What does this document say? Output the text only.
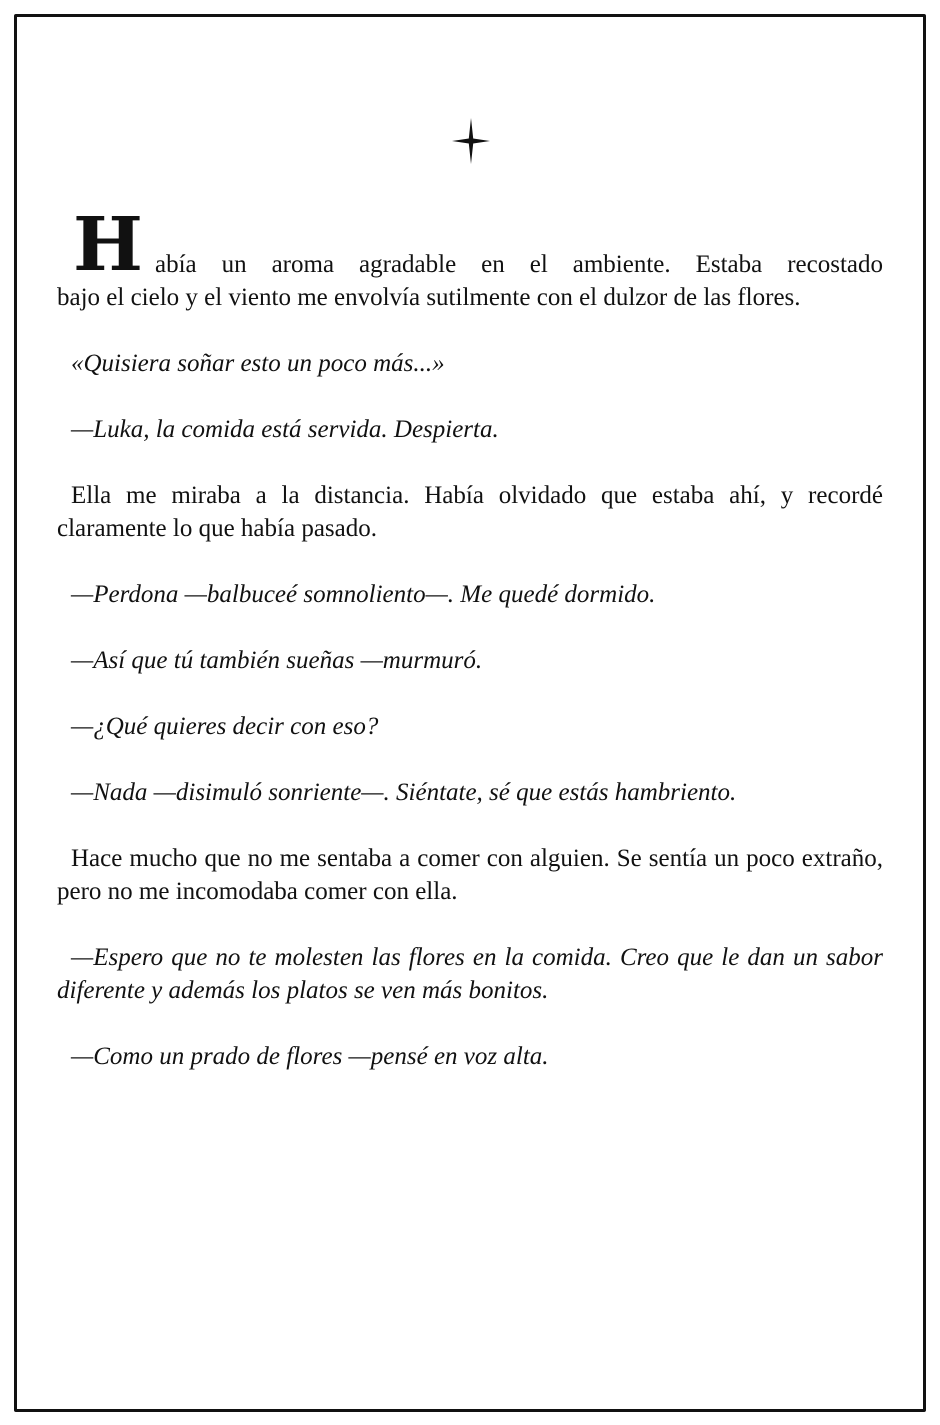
H abía un aroma agradable en el ambiente. Estaba recostado
bajo el cielo y el viento me envolvía sutilmente con el dulzor de las flores.

«Quisiera soñar esto un poco más...»

—Luka, la comida está servida. Despierta.

Ella me miraba a la distancia. Había olvidado que estaba ahí, y recordé claramente lo que había pasado.

—Perdona —balbuceé somnoliento—. Me quedé dormido.

—Así que tú también sueñas —murmuró.

—¿Qué quieres decir con eso?

—Nada —disimuló sonriente—. Siéntate, sé que estás hambriento.

Hace mucho que no me sentaba a comer con alguien. Se sentía un poco extraño, pero no me incomodaba comer con ella.

—Espero que no te molesten las flores en la comida. Creo que le dan un sabor diferente y además los platos se ven más bonitos.

—Como un prado de flores —pensé en voz alta.
